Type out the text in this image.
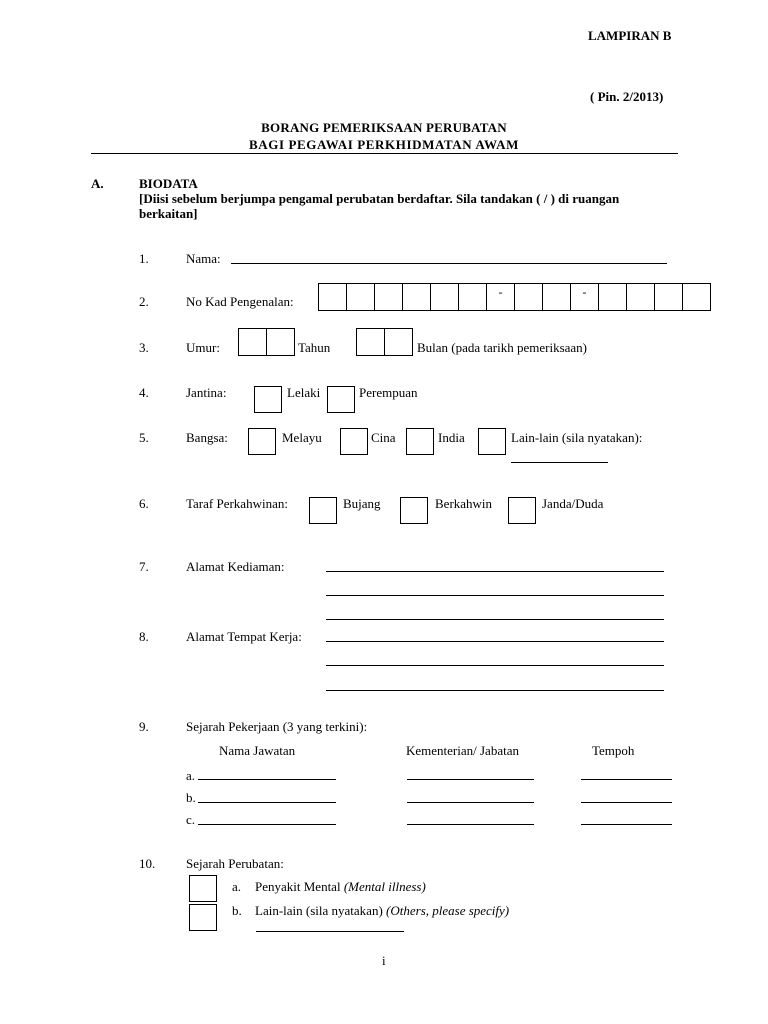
LAMPIRAN B
( Pin. 2/2013)
BORANG PEMERIKSAAN PERUBATAN
BAGI PEGAWAI PERKHIDMATAN AWAM
A.	BIODATA
[Diisi sebelum berjumpa pengamal perubatan berdaftar. Sila tandakan ( / ) di ruangan
berkaitan]
1.	Nama:
2.	No Kad Pengenalan:
-	-
3.	Umur:	Tahun	Bulan (pada tarikh pemeriksaan)
4.	Jantina:	Lelaki	Perempuan
5.	Bangsa:	Melayu	Cina	India	Lain-lain (sila nyatakan):
6.	Taraf Perkahwinan:	Bujang	Berkahwin	Janda/Duda
7.	Alamat Kediaman:
8.	Alamat Tempat Kerja:
9.	Sejarah Pekerjaan (3 yang terkini):
Nama Jawatan	Kementerian/ Jabatan	Tempoh
a.
b.
c.
10. Sejarah Perubatan:
a. Penyakit Mental (Mental illness)
b. Lain-lain (sila nyatakan) (Others, please specify)
i
